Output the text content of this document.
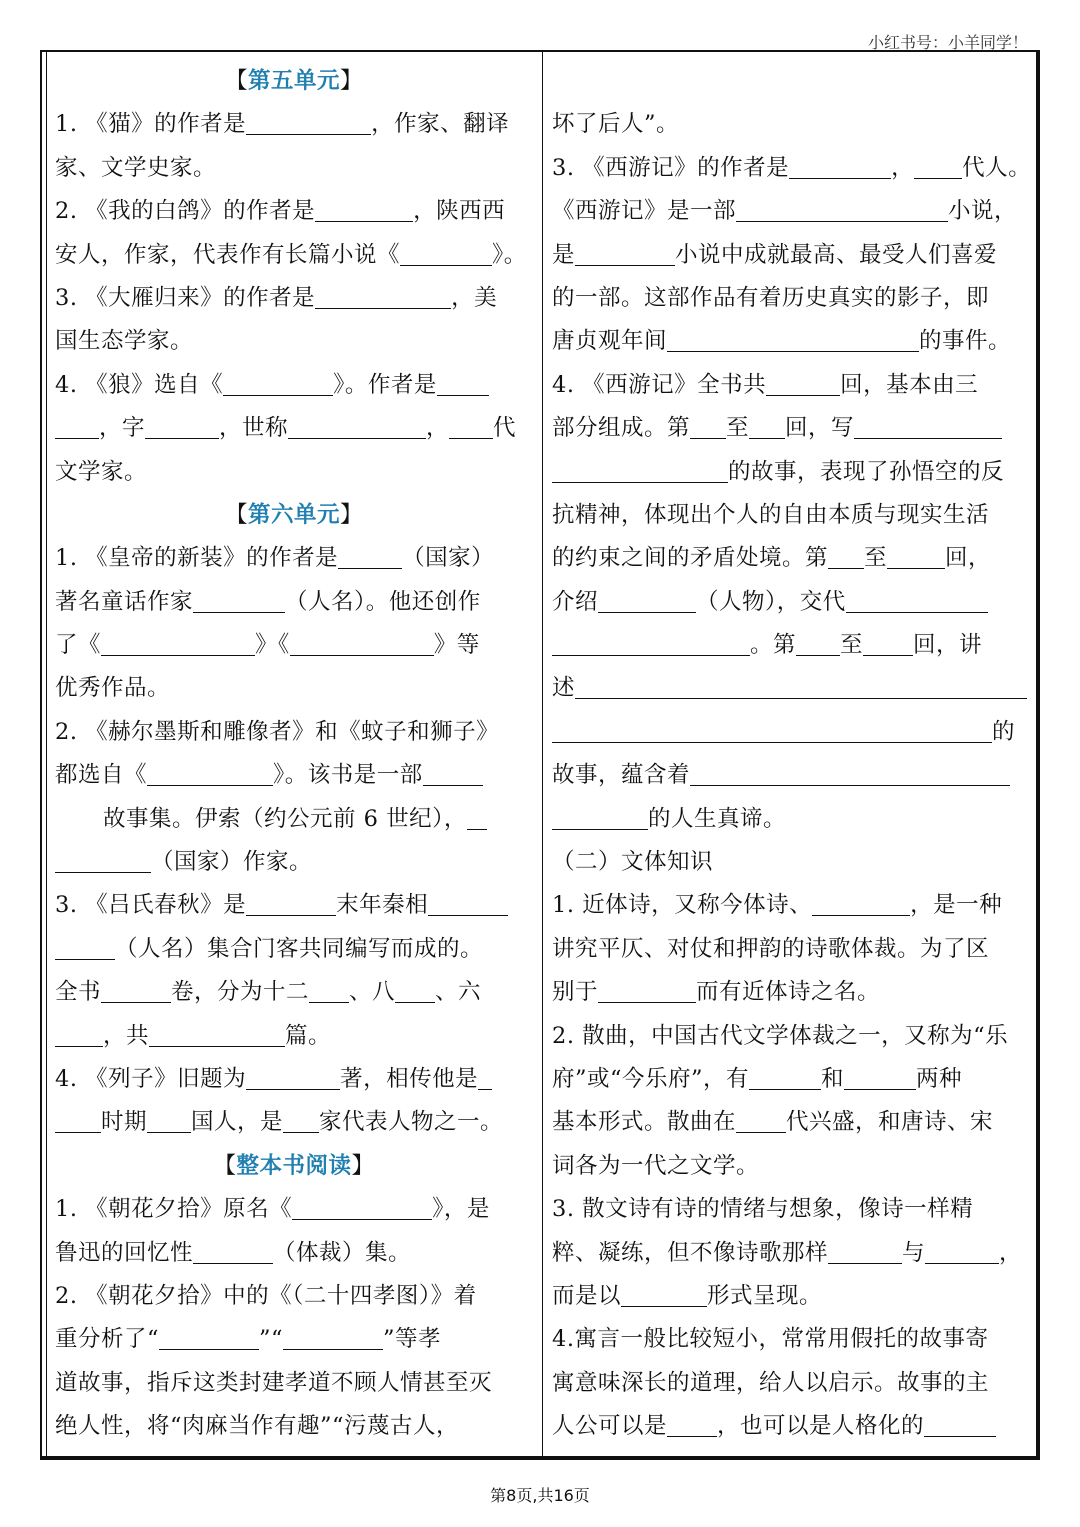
小红书号：小羊同学！
【第五单元】
1. 《猫》的作者是	，作家、翻译
家、文学史家。
2. 《我的白鸽》的作者是	，陕西西
安人，作家，代表作有长篇小说《	》。
3. 《大雁归来》的作者是	，美
国生态学家。
4. 《狼》选自《	》。作者是
，字	，世称	， 代
文学家。
【第六单元】
1. 《皇帝的新装》的作者是	（国家）
著名童话作家	（人名）。他还创作
了《	》《	》等
优秀作品。
2. 《赫尔墨斯和雕像者》和《蚊子和狮子》
都选自《	》。该书是一部
故事集。伊索（约公元前 6 世纪），
（国家）作家。
3. 《吕氏春秋》是	末年秦相
（人名）集合门客共同编写而成的。
全书	卷，分为十二 、八 、六
，共	篇。
4. 《列子》旧题为	著，相传他是
时期 国人，是 家代表人物之一。
【整本书阅读】
1. 《朝花夕拾》原名《	》，是
鲁迅的回忆性	（体裁）集。
2. 《朝花夕拾》中的《（二十四孝图）》着
重分析了“	”“	”等孝
道故事，指斥这类封建孝道不顾人情甚至灭
绝人性，将“肉麻当作有趣”“污蔑古人，
坏了后人”。
3. 《西游记》的作者是	， 代人。
《西游记》是一部	小说，
是	小说中成就最高、最受人们喜爱
的一部。这部作品有着历史真实的影子，即
唐贞观年间	的事件。
4. 《西游记》全书共	回，基本由三
部分组成。第 至 回，写
的故事，表现了孙悟空的反
抗精神，体现出个人的自由本质与现实生活
的约束之间的矛盾处境。第 至	回，
介绍	（人物），交代
。第 至 回，讲
述
的
故事，蕴含着
的人生真谛。
（二）文体知识
1. 近体诗，又称今体诗、	，是一种
讲究平仄、对仗和押韵的诗歌体裁。为了区
别于	而有近体诗之名。
2. 散曲，中国古代文学体裁之一，又称为“乐
府”或“今乐府”，有	和	两种
基本形式。散曲在 代兴盛，和唐诗、宋
词各为一代之文学。
3. 散文诗有诗的情绪与想象，像诗一样精
粹、凝练，但不像诗歌那样	与	，
而是以	形式呈现。
4.寓言一般比较短小，常常用假托的故事寄
寓意味深长的道理，给人以启示。故事的主
人公可以是 ，也可以是人格化的
第8页,共16页
